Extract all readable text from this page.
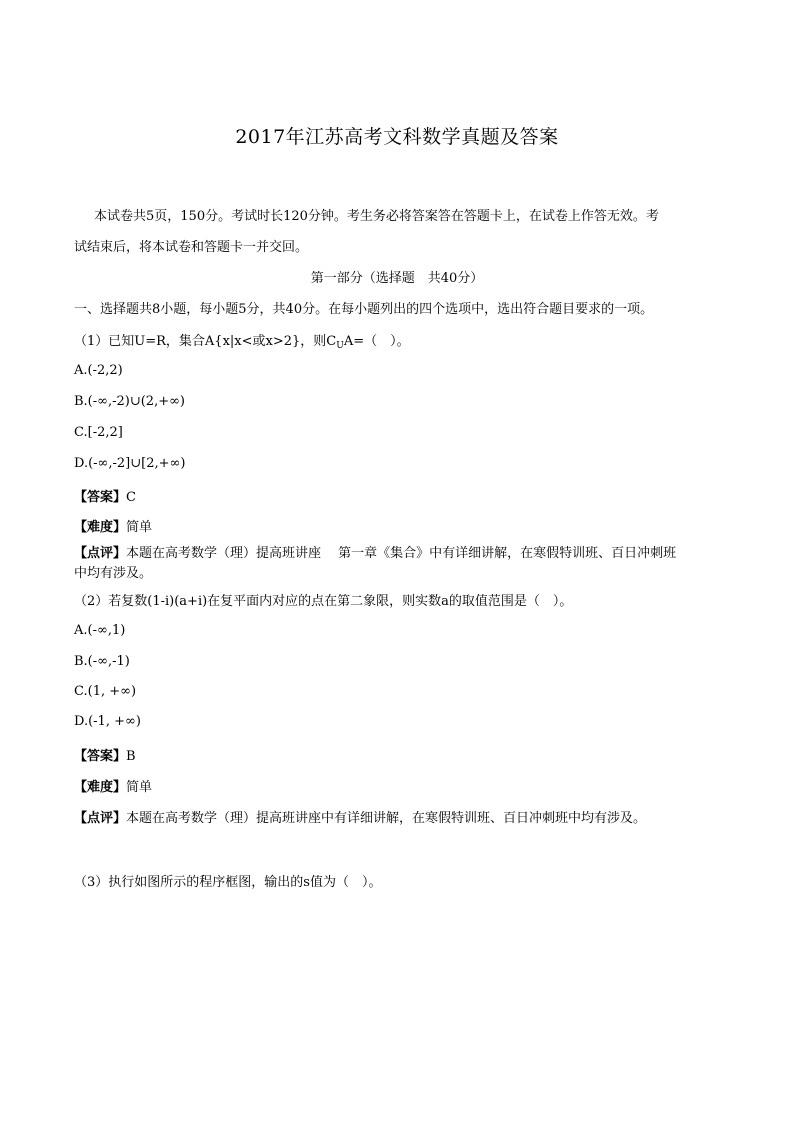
2017年江苏高考文科数学真题及答案
本试卷共5页，150分。考试时长120分钟。考生务必将答案答在答题卡上，在试卷上作答无效。考
试结束后，将本试卷和答题卡一并交回。
第一部分（选择题　共40分）
一、选择题共8小题，每小题5分，共40分。在每小题列出的四个选项中，选出符合题目要求的一项。
（1）已知U=R，集合A{x|x<或x>2}，则$C_UA=$（　）。
A.(-2,2)
B.(-∞,-2)∪(2,+∞)
C.[-2,2]
D.(-∞,-2]∪[2,+∞)
【答案】C
【难度】简单
【点评】本题在高考数学（理）提高班讲座　 第一章《集合》中有详细讲解，在寒假特训班、百日冲刺班
中均有涉及。
（2）若复数(1-i)(a+i)在复平面内对应的点在第二象限，则实数a的取值范围是（　）。
A.(-∞,1)
B.(-∞,-1)
C.(1, +∞)
D.(-1, +∞)
【答案】B
【难度】简单
【点评】本题在高考数学（理）提高班讲座中有详细讲解，在寒假特训班、百日冲刺班中均有涉及。
（3）执行如图所示的程序框图，输出的s值为（　）。
